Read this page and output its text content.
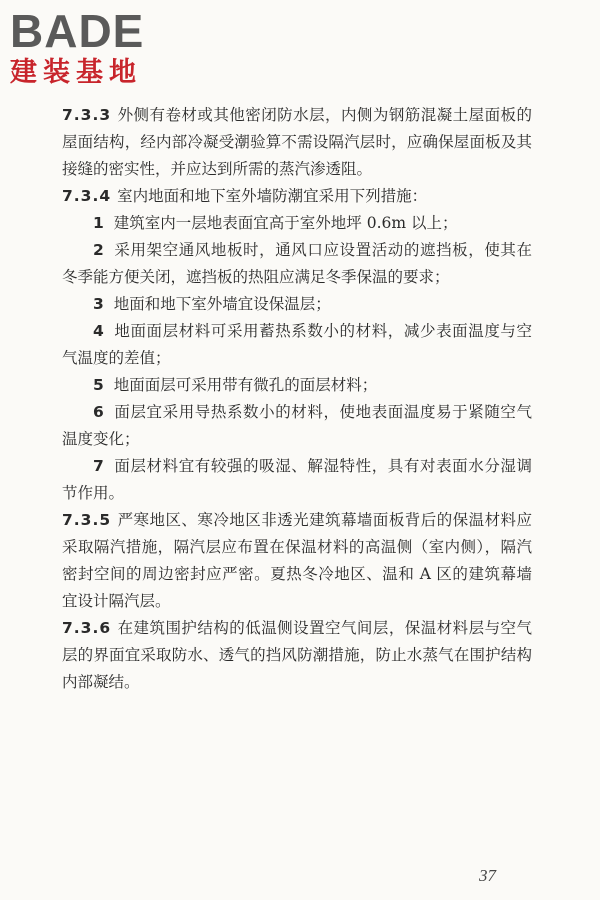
BADE
建装基地

7.3.3 外侧有卷材或其他密闭防水层，内侧为钢筋混凝土屋面板的屋面结构，经内部冷凝受潮验算不需设隔汽层时，应确保屋面板及其接缝的密实性，并应达到所需的蒸汽渗透阻。

7.3.4 室内地面和地下室外墙防潮宜采用下列措施：

1 建筑室内一层地表面宜高于室外地坪 0.6m 以上；

2 采用架空通风地板时，通风口应设置活动的遮挡板，使其在冬季能方便关闭，遮挡板的热阻应满足冬季保温的要求；

3 地面和地下室外墙宜设保温层；

4 地面面层材料可采用蓄热系数小的材料，减少表面温度与空气温度的差值；

5 地面面层可采用带有微孔的面层材料；

6 面层宜采用导热系数小的材料，使地表面温度易于紧随空气温度变化；

7 面层材料宜有较强的吸湿、解湿特性，具有对表面水分湿调节作用。

7.3.5 严寒地区、寒冷地区非透光建筑幕墙面板背后的保温材料应采取隔汽措施，隔汽层应布置在保温材料的高温侧（室内侧），隔汽密封空间的周边密封应严密。夏热冬冷地区、温和 A 区的建筑幕墙宜设计隔汽层。

7.3.6 在建筑围护结构的低温侧设置空气间层，保温材料层与空气层的界面宜采取防水、透气的挡风防潮措施，防止水蒸气在围护结构内部凝结。

37
